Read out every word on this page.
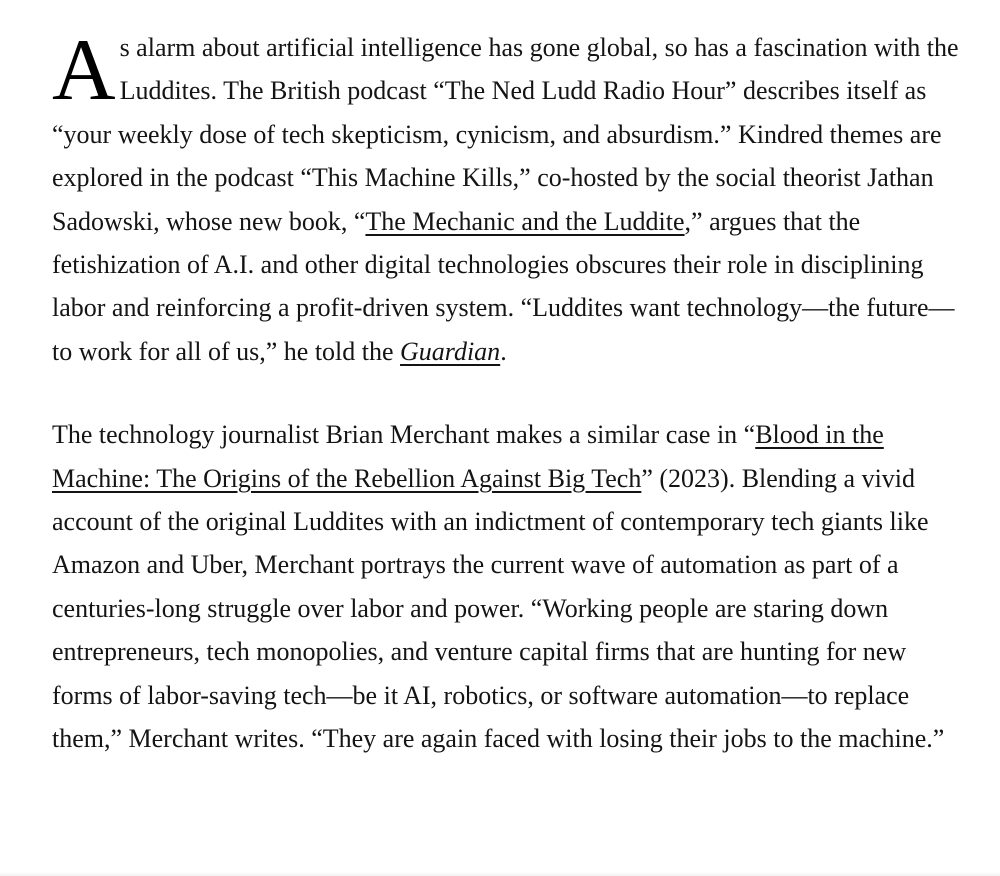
As alarm about artificial intelligence has gone global, so has a fascination with the Luddites. The British podcast “The Ned Ludd Radio Hour” describes itself as “your weekly dose of tech skepticism, cynicism, and absurdism.” Kindred themes are explored in the podcast “This Machine Kills,” co-hosted by the social theorist Jathan Sadowski, whose new book, “The Mechanic and the Luddite,” argues that the fetishization of A.I. and other digital technologies obscures their role in disciplining labor and reinforcing a profit-driven system. “Luddites want technology—the future—to work for all of us,” he told the Guardian.

The technology journalist Brian Merchant makes a similar case in “Blood in the Machine: The Origins of the Rebellion Against Big Tech” (2023). Blending a vivid account of the original Luddites with an indictment of contemporary tech giants like Amazon and Uber, Merchant portrays the current wave of automation as part of a centuries-long struggle over labor and power. “Working people are staring down entrepreneurs, tech monopolies, and venture capital firms that are hunting for new forms of labor-saving tech—be it AI, robotics, or software automation—to replace them,” Merchant writes. “They are again faced with losing their jobs to the machine.”
